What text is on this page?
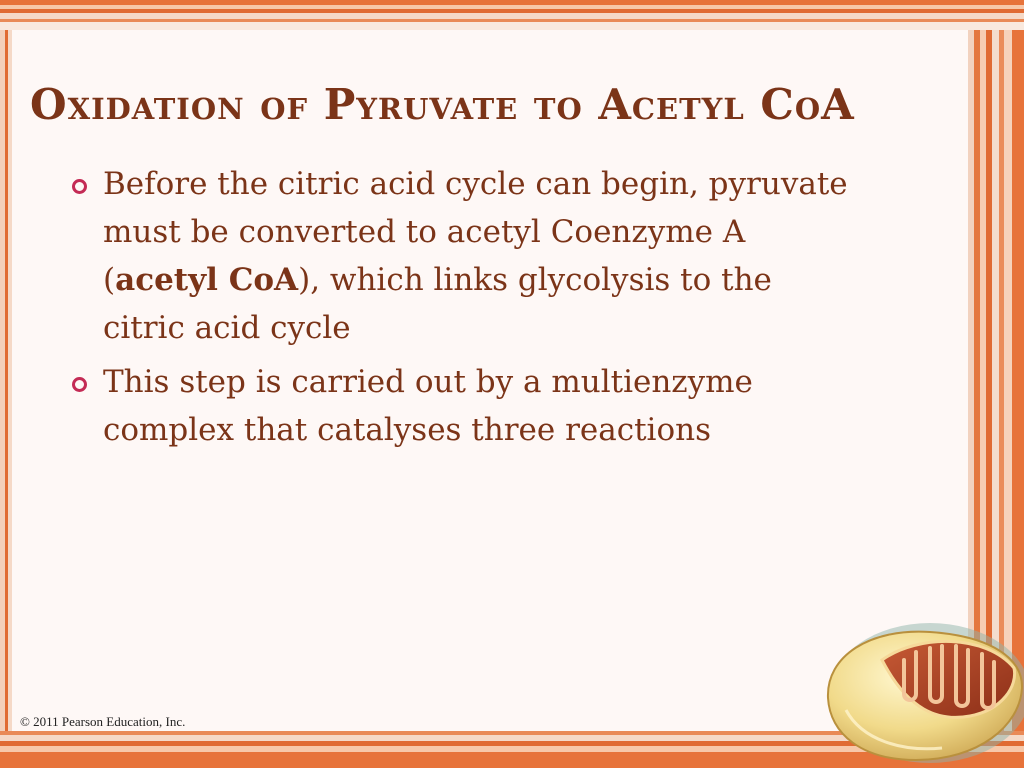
Oxidation of Pyruvate to Acetyl CoA
Before the citric acid cycle can begin, pyruvate must be converted to acetyl Coenzyme A (acetyl CoA), which links glycolysis to the citric acid cycle
This step is carried out by a multienzyme complex that catalyses three reactions
© 2011 Pearson Education, Inc.
